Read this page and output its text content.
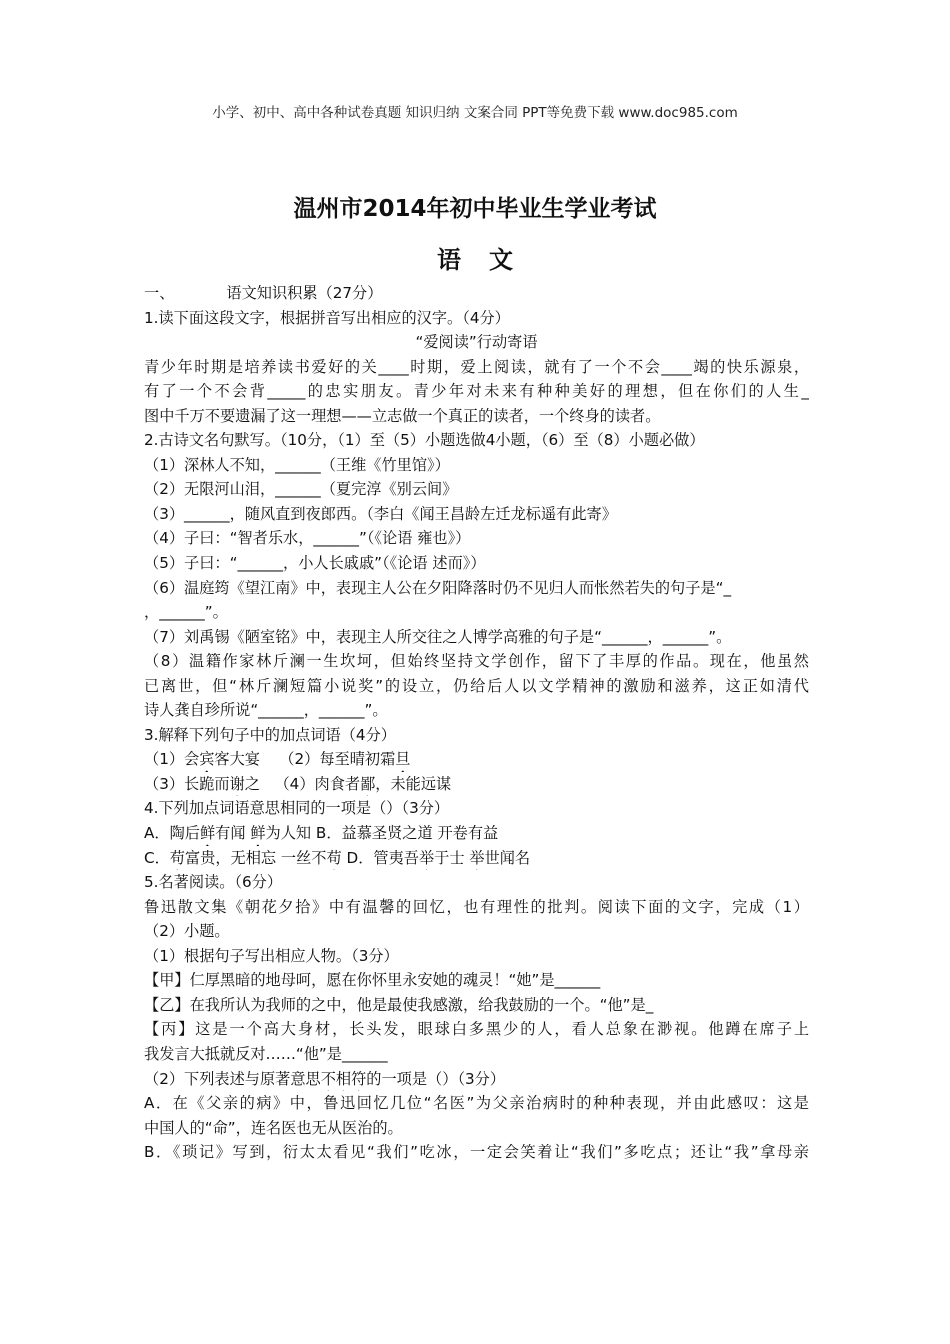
小学、初中、高中各种试卷真题 知识归纳 文案合同 PPT等免费下载 www.doc985.com
温州市2014年初中毕业生学业考试
语文
一、	语文知识积累（27分）
1.读下面这段文字，根据拼音写出相应的汉字。（4分）
“爱阅读”行动寄语
青少年时期是培养读书爱好的关____时期，爱上阅读，就有了一个不会____竭的快乐源泉，
有了一个不会背_____的忠实朋友。青少年对未来有种种美好的理想，但在你们的人生_
图中千万不要遗漏了这一理想——立志做一个真正的读者，一个终身的读者。
2.古诗文名句默写。（10分，（1）至（5）小题选做4小题，（6）至（8）小题必做）
（1）深林人不知，______（王维《竹里馆》）
（2）无限河山泪，______（夏完淳《别云间》
（3）______，随风直到夜郎西。（李白《闻王昌龄左迁龙标遥有此寄》
（4）子曰：“智者乐水，______”（《论语 雍也》）
（5）子曰：“______，小人长戚戚”（《论语 述而》）
（6）温庭筠《望江南》中，表现主人公在夕阳降落时仍不见归人而怅然若失的句子是“_
，______”。
（7）刘禹锡《陋室铭》中，表现主人所交往之人博学高雅的句子是“______，______”。
（8）温籍作家林斤澜一生坎坷，但始终坚持文学创作，留下了丰厚的作品。现在，他虽然
已离世，但“林斤澜短篇小说奖”的设立，仍给后人以文学精神的激励和滋养，这正如清代
诗人龚自珍所说“______，______”。
3.解释下列句子中的加点词语（4分）
（1）会宾客大宴 （2）每至晴初霜旦
（3）长跪而谢之 （4）肉食者鄙，未能远谋
4.下列加点词语意思相同的一项是（）（3分）
A．陶后鲜有闻 鲜为人知 B．益慕圣贤之道 开卷有益
C．苟富贵，无相忘 一丝不苟 D．管夷吾举于士 举世闻名
5.名著阅读。（6分）
鲁迅散文集《朝花夕拾》中有温馨的回忆，也有理性的批判。阅读下面的文字，完成（1）
（2）小题。
（1）根据句子写出相应人物。（3分）
【甲】仁厚黑暗的地母呵，愿在你怀里永安她的魂灵！“她”是______
【乙】在我所认为我师的之中，他是最使我感激，给我鼓励的一个。“他”是_
【丙】这是一个高大身材，长头发，眼球白多黑少的人，看人总象在渺视。他蹲在席子上
我发言大抵就反对……“他”是______
（2）下列表述与原著意思不相符的一项是（）（3分）
A．在《父亲的病》中，鲁迅回忆几位“名医”为父亲治病时的种种表现，并由此感叹：这是
中国人的“命”，连名医也无从医治的。
B．《琐记》写到，衍太太看见“我们”吃冰，一定会笑着让“我们”多吃点；还让“我”拿母亲
